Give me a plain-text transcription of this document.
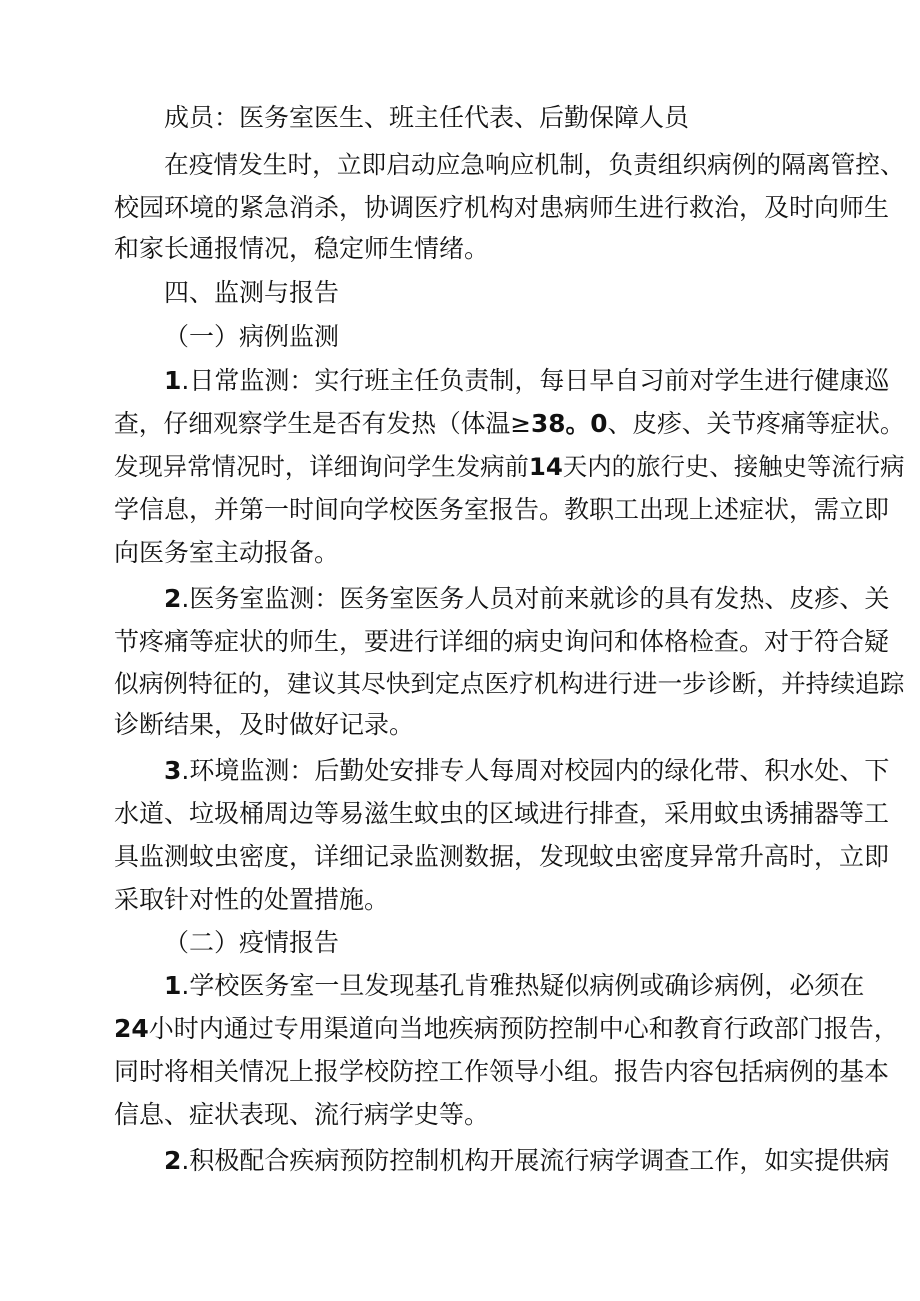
成员：医务室医生、班主任代表、后勤保障人员
在疫情发生时，立即启动应急响应机制，负责组织病例的隔离管控、
校园环境的紧急消杀，协调医疗机构对患病师生进行救治，及时向师生
和家长通报情况，稳定师生情绪。
四、监测与报告
（一）病例监测
1.日常监测：实行班主任负责制，每日早自习前对学生进行健康巡
查，仔细观察学生是否有发热（体温≥38。0、皮疹、关节疼痛等症状。
发现异常情况时，详细询问学生发病前14天内的旅行史、接触史等流行病
学信息，并第一时间向学校医务室报告。教职工出现上述症状，需立即
向医务室主动报备。
2.医务室监测：医务室医务人员对前来就诊的具有发热、皮疹、关
节疼痛等症状的师生，要进行详细的病史询问和体格检查。对于符合疑
似病例特征的，建议其尽快到定点医疗机构进行进一步诊断，并持续追踪
诊断结果，及时做好记录。
3.环境监测：后勤处安排专人每周对校园内的绿化带、积水处、下
水道、垃圾桶周边等易滋生蚊虫的区域进行排查，采用蚊虫诱捕器等工
具监测蚊虫密度，详细记录监测数据，发现蚊虫密度异常升高时，立即
采取针对性的处置措施。
（二）疫情报告
1.学校医务室一旦发现基孔肯雅热疑似病例或确诊病例，必须在
24小时内通过专用渠道向当地疾病预防控制中心和教育行政部门报告，
同时将相关情况上报学校防控工作领导小组。报告内容包括病例的基本
信息、症状表现、流行病学史等。
2.积极配合疾病预防控制机构开展流行病学调查工作，如实提供病
